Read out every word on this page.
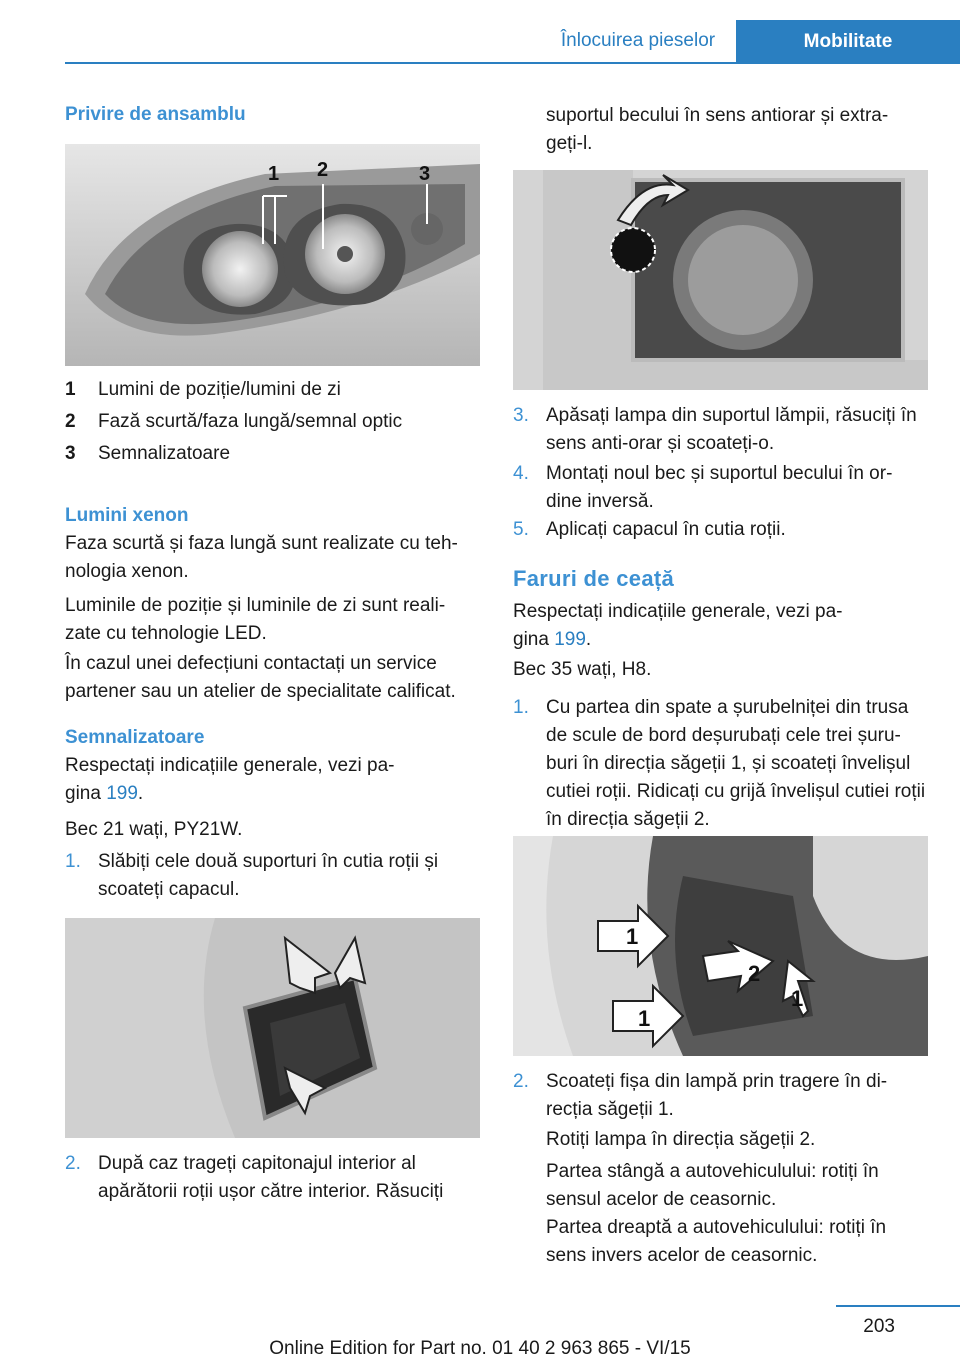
Înlocuirea pieselor	Mobilitate
Privire de ansamblu
1 2	3
1	Lumini de poziție/lumini de zi
2	Fază scurtă/faza lungă/semnal optic
3	Semnalizatoare
Lumini xenon
Faza scurtă și faza lungă sunt realizate cu teh‐ nologia xenon.
Luminile de poziție și luminile de zi sunt reali‐ zate cu tehnologie LED.
În cazul unei defecțiuni contactați un service partener sau un atelier de specialitate calificat.
Semnalizatoare
Respectați indicațiile generale, vezi pa‐ gina 199.
Bec 21 wați, PY21W.
1. Slăbiți cele două suporturi în cutia roții și scoateți capacul.
2. După caz trageți capitonajul interior al apărătorii roții ușor către interior. Răsuciți
suportul becului în sens antiorar și extra‐ geți-l.
3. Apăsați lampa din suportul lămpii, răsuciți în sens anti-orar și scoateți-o.
4. Montați noul bec și suportul becului în or‐ dine inversă.
5. Aplicați capacul în cutia roții.
Faruri de ceață
Respectați indicațiile generale, vezi pa‐ gina 199.
Bec 35 wați, H8.
1. Cu partea din spate a șurubelniței din trusa de scule de bord deșurubați cele trei șuru‐ buri în direcția săgeții 1, și scoateți învelișul cutiei roții. Ridicați cu grijă învelișul cutiei roții în direcția săgeții 2.
1
2
1
1
2. Scoateți fișa din lampă prin tragere în di‐ recția săgeții 1.
Rotiți lampa în direcția săgeții 2.
Partea stângă a autovehiculului: rotiți în sensul acelor de ceasornic.
Partea dreaptă a autovehiculului: rotiți în sens invers acelor de ceasornic.
203
Online Edition for Part no. 01 40 2 963 865 - VI/15
